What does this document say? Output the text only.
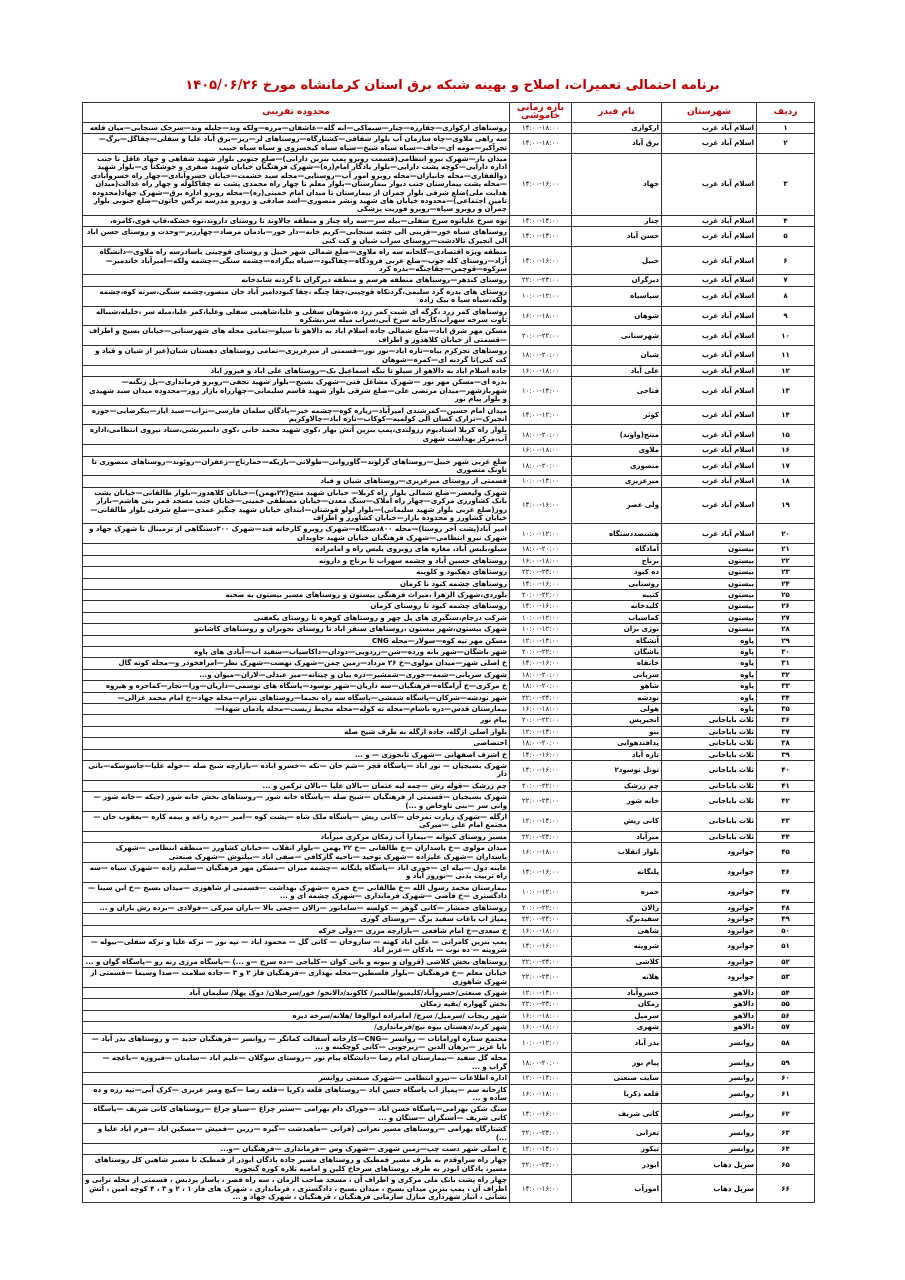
برنامه احتمالی تعمیرات، اصلاح و بهینه شبکه برق استان کرمانشاه مورخ ۱۴۰۵/۰۶/۲۶
ردیف	شهرستان	نام فیدر	بازه زمانی خاموشی	محدوده تقریبی
۱	اسلام آباد غرب	ارکوازی	۱۴:۰۰-۱۸:۰۰	روستاهای ارکوازی—چقارزه—چنار—سیماکی—انه گله—عاشقان—مرزه—ولکه وند—جلیله وند—سرخک سنجابی—میان قلعه
۲	اسلام آباد غرب	برق آباد	۱۴:۰۰-۱۸:۰۰	سه راهی ملاوی—چاه سازمان آب بلوار شقاقی—کشتارگاه—روستاهای لر—ریز—برق آباد علیا و سفلی—چقاگل—برگ—تجرآکبر—مومه ای—جاف—سیاه سیاه شیخ—سیاه سیاه کیخسروی و سیاه سیاه حبیب
۳	اسلام آباد غرب	جهاد	۱۴:۰۰-۱۶:۰۰	میدان بار—شهرک نیرو انتظامی(قسمت روبرو پمپ بنزین دارایی)—ضلع جنوبی بلوار شهید شفاهی و جهاد عاقل تا جنب اداره دارایی—کوچه پشت دارایی—بلوار یادگار امام(ره)—شهرک فرهنگیان خیابان شهید صفری و خوشکنا ی—بلوار شهید ذوالفقاری—محله جانبازان—محله روبرو امور آب—روستایی—محله سید حشمت—خیابان خسروآبادی—چهار راه خسروآبادی—محله پشت بیمارستان جنب دیوار بیمارستان—بلوار معلم تا چهار راه محمدی پشت ته چقاکلوله و چهار راه عدالت(میدان هدایت ملی)ضلع شرقی بلوار چمران از بیمارستان تا میدان امام خمینی(ره)—محله روبرو اداره برق—شهرک جهاد(محدوده تامین اجتماعی)—محدوده خیابان های شهید ونشر منصوری—اسد صادقی و روبرو مدرسه نرگس خاتون—ضلع جنوبی بلوار چمران و روبرو سپاه—روبرو فوریت پزشکی
۴	اسلام آباد غرب	چنار	۱۴:۰۰-۱۴:۰۰	توه سرخ علیاتوه سرخ سفلی—بیله سر—سه راه چنار و منطقه جالاوند تا روستای داروند،توه خشکه،قاپ قوی،کامره،
۵	اسلام آباد غرب	حسن آباد	۱۴:۰۰-۱۴:۰۰	روستاهای سیاه خور—قرینی الی چشه سنجابی—کریم خانه—دار خور—بادمان مرصاد—چهارزبر—وحدت و روستای حسن اباد الی انجیرک تالادشت—روستای سراب شیان و کت کنی
۶	اسلام آباد غرب	حبیل	۱۴:۰۰-۱۶:۰۰	منطقه ویژه اقتصادی—گلخانه سه راه ملاوی—ضلع شمالی شهر حبیل و روستای قوچینی باسادرسه راه ملاوی—دانشگاه آزاد—روستای کله جوب—ضلع غربی فرودگاه—چقاگیود—سیاه بیگزاده—چشمه سنگی—چشمه ولکه—امیرآباد خاندمیر—سرکوه—قوچمن—چقاچنگه—بدره کرد
۷	اسلام آباد غرب	دیزگران	۲۲:۰۰-۲۴:۰۰	روستای کندهر—روستاهای منطقه هرسم و منطقه دیزگران تا گردنه شابدخانه
۸	اسلام آباد غرب	سیاسیاه	۱۰:۰۰-۱۲:۰۰	روستای های بدره گرد سلیمی،گردنکاه قوچینی،چقا چنگه ،چقا کبوددامیر آباد خان منصور،چشمه سنگی،سرنه کوه،چشمه ولکه،سیاه سیا ه بیک زاده
۹	اسلام آباد غرب	شوهان	۱۶:۰۰-۱۸:۰۰	روستاهای کمر زرد ،گرگه ای شیت کمر زرد ه،شوهان سفلی و علیا،شاهینی سفلی وعلیا،کمر علیا،میله سر ،خلیله،شیباله تاوت سرخه سهراب،کارخانه سرخ آبی،سراب میله سر،بشکره
۱۰	اسلام آباد غرب	شهرستانی	۲۰:۰۰-۲۲:۰۰	مسکن مهر شرق اباد—ضلع شمالی جاده اسلام اباد به دالاهو تا سیلو—تمامی محله های شهرستانی—خیابان بسیج و اطراف—قسمتی از خیابان کلاهدوز و اطراف
۱۱	اسلام آباد غرب	شیان	۱۸:۰۰-۲۰:۰۰	روستاهای تجرکرم بیاه—تازه اباد—نور نور—قسمتی از میرعزیزی—تمامی روستاهای دهستان شیان(غیر از شیان و قیاد و کت کنی)تا گردنه ای—کمره—شوهان
۱۲	اسلام آباد غرب	علی آباد	۱۶:۰۰-۱۸:۰۰	جاده اسلام اباد به دالاهو از سیلو تا تنگه اسماعیل بک—روستاهای علی اباد و فیروز اباد
۱۳	اسلام آباد غرب	فتاحی	۱۰:۰۰-۱۴:۰۰	بدره ای—مسکن مهر نور —شهرک مشاغل قنی—شهرک بسیج—بلوار شهید نجفی—روبرو فرمانداری—پل زنگنه—شهربازشهر—میدان مرتضی علی—ضلع شرقی بلوار شهید قاسم سلیمانی—چهارراه بازار روز—محدوده میدان سید شهیدی و بلوار پیام نور
۱۴	اسلام آباد غرب	کوثر	۱۴:۰۰-۱۲:۰۰	میدان امام حسین—کمرشندی امیرآباد—زیاره کوه—چشمه خیر—پادگان سلمان فارسی—تراب—سید ایاز—بیکرضایی—جوزه انجیرک—تزارک کسان الی کولمبه—کوکاب—تازه اباد—چالاوکریم
۱۵	اسلام آباد غرب	متنج(واوند)	۱۸:۰۰-۲۰:۰۰	بلوار راه کربلا استادیوم ززولندی،پمپ بنزین آتش بهار ،کوی شهید محمد خانی ،کوی دانمیرنشی،ستاد نیروی انتظامی،اداره آب،مرکز بهداشت شهری
۱۶	اسلام آباد غرب	ملاوی	۱۶:۰۰-۱۸:۰۰	
۱۷	اسلام آباد غرب	منصوری	۱۸:۰۰-۲۰:۰۰	ضلع غربی شهر حبیل—روستاهای گرلوند—گاوروانی—طولانی—بازیکه—خمارتاج—زعفران—روئوند—روستاهای منصوری تا تاونک منصوری
۱۸	اسلام آباد غرب	میرعزیزی	۱۰:۰۰-۱۴:۰۰	قسمتی از روستای میرعزیزی—روستاهای شیان و قیاد
۱۹	اسلام آباد غرب	ولی عصر	۱۴:۰۰-۱۶:۰۰	شهرک ولیعصر—ضلع شمالی بلوار راه کربلا— خیابان شهید متنج(۲۲بهمن)—خیابان کلاهدوز—بلوار طالقانی—خیابان پشت بانک کشاورزی مرکزی—چهار راه املاک—سنگ معدن—خیابان مصطفی خمینی—خیابان جنب مسجد قمر بنی هاشم—بازار روز(ضلع غربی بلوار شهید سلیمانی)—بلوار لولو قوشتان—ابتدای خیابان شهید چنگیز عمدی—ضلع شرقی بلوار طالقانی—خیابان کشاورز و محدوده بازار—خیابان کشاورز و اطراف
۲۰	اسلام آباد غرب	هشتصددستگاه	۱۰:۰۰-۱۲:۰۰	امیر آباد(پشت آخر روستا)—محله ۸۰۰دستگاه—شهرک روبرو کارخانه قند—شهرک ۳۰۰دستگاهی از ترمینال تا شهرک جهاد و شهرک نیرو انتظامی—شهرک فرهنگیان خیابان شهید جاویدان
۲۱	بیستون	آمادگاه	۱۸:۰۰-۲۰:۰۰	سیلو،بلبس آباد، مغازه های روبروی پلیس راه و امامزاده
۲۲	بیستون	برناج	۱۶:۰۰-۱۸:۰۰	روستاهای حسین آباد و چشمه سهراب تا برناج و دارونه
۲۳	بیستون	ده کبود	۲۲:۰۰-۲۴:۰۰	روستاهای دهکبود و کلوینه
۲۴	بیستون	روستایی	۱۴:۰۰-۱۶:۰۰	روستاهای چشمه کبود تا کرمان
۲۵	بیستون	کتیبه	۲۰:۰۰-۲۲:۰۰	بلوردی،شهرک الزهرا ،میراث فرهنگی بیستون و روستاهای مسیر بیستون به صحنه
۲۶	بیستون	کلیدخانه	۱۴:۰۰-۱۶:۰۰	روستاهای چشمه کبود تا روستای کرمان
۲۷	بیستون	کماسیاب	۱۰:۰۰-۱۲:۰۰	شرکت درجام،سنگبری های پل چهر و روستاهای کوهره تا روستای یکعفنی
۲۸	بیستون	نوژی بران	۱۰:۰۰-۱۲:۰۰	شهرک بیستون،شهر بیستون ،روستاهای سنقر اباد تا روستای نجوبران و روستاهای کاشانتو
۲۹	پاوه	آتشگاه	۱۲:۰۰-۱۴:۰۰	مسکن مهر تپه کوه—سولار—محله CNG
۳۰	پاوه	باشگان	۲۰:۰۰-۲۲:۰۰	شهر باشگان—شهر بانه ورده—شن—زردویی—دودان—داکاسیاب—سفید اب—آبادی های پاوه
۳۱	پاوه	خانقاه	۱۴:۰۰-۱۶:۰۰	خ اصلی شهر—میدان مولوی—خ ۲۶ مرداد—زمین چمن—شهرک نهضت—شهرک نظر—امرافخودر و—محله کوته گال
۳۲	پاوه	سرپانی	۱۸:۰۰-۲۰:۰۰	شهرک سرپانی—شمه—جوری—شمشیر—دره بیان و چیتانه—میر عبدلی—لاران—میوان و...
۳۳	پاوه	شاهو	۱۸:۰۰-۲۰:۰۰	خ مرکزی—خ آرامگاه—فرهنگیان—سه داریان—شهر نوسود—پاسگاه های نوسمی—داریان—ورا—نجار—کماجره و هیروه
۳۴	پاوه	نودشه	۲۲:۰۰-۲۴:۰۰	شهر نودشه—شرکان—پاسگاه شمشی—پاسگاه سه راه نجیما—روستاهای تترام—محله جهاد—خ امام محمد غزالی—
۳۵	پاوه	هولی	۱۶:۰۰-۱۸:۰۰	بیمارستان قدس—دره باسام—محله ته کوله—محله محیط زیست—محله پادمان شهدا—
۳۶	ثلاث باباجانی	انجیرپس	۲۰:۰۰-۲۲:۰۰	پیام نور
۳۷	ثلاث باباجانی	بنو	۱۲:۰۰-۱۴:۰۰	بلوار اصلی ازگله، جاده ازگله به طرف شیخ صله
۳۸	ثلاث باباجانی	پدافندهوایی	۱۸:۰۰-۲۰:۰۰	اختصاصی
۳۹	ثلاث باباجانی	تازه آباد	۱۴:۰۰-۱۶:۰۰	خ اشرف اصفهانی —شهرک تابجوزی — و ...
۴۰	ثلاث باباجانی	تونل نوسود۲	۱۴:۰۰-۱۶:۰۰	شهرک بسیجیان — نور اباد —پاسگاه قجر —شم خان —تکه —خسرو اباده —بازارچه شیخ صله —خوله علیا—جاسوسکه—بانی دار
۴۱	ثلاث باباجانی	چم زرشک	۲۰:۰۰-۲۲:۰۰	چم زرشک —قوله رش —چمه لیه عثمان —بالان علیا —بالان ترکمن و ...
۴۲	ثلاث باباجانی	خانه شور	۲۲:۰۰-۲۴:۰۰	شهرک بسیجیان —قسمتی از فرهنگیان —شیخ صله —پاسگاه خانه شور —روستاهای بخش خانه شور (جبکه —خانه شور —وانی سر —بنی ناوخاص و ...)
۴۳	ثلاث باباجانی	کانی ریش	۱۲:۰۰-۱۴:۰۰	ازگله —شهرک زیارت تمرخان —کانی ریش —پاسگاه ملک شاه —پشت کوه —امیر —دره زاغه و نیمه کاره —یعقوب خان —مجتمع امام علی —میرکی
۴۴	ثلاث باباجانی	میرآباد	۲۲:۰۰-۲۴:۰۰	مسیر روستای کیوانه —بیمارا آب زمکان مرکزی میرآباد
۴۵	جوانرود	بلوار انقلاب	۱۶:۰۰-۱۸:۰۰	میدان مولوی —خ پاسداران —خ طالقانی —خ ۲۲ بهمن —بلوار انقلاب —خیابان کشاورز —منطقه انتظامی —شهرک پاسداران —شهرک علیزاده —شهرک توحید —ناحیه گازکافی —صفی اباد —بیلتوش —شهرک صنعتی
۴۶	جوانرود	پلنگانه	۱۴:۰۰-۱۶:۰۰	عابنه دول —بیله ای —حوری اباد —پاسگاه پلنگانه —چشمه میران —مسکن مهر فرهنگیان —سلیم زاده —شهرک سیاه —سه راه تربیت بدنی —نوروز اباد و
۴۷	جوانرود	حمزه	۱۰:۰۰-۱۲:۰۰	بیمارستان محمد رسول الله —خ طالقانی —خ حمزه —شهرک بهداشت —قسمتی از شاهوزی —میدان بسیج —خ ابن سینا —دادگستری —خ قاضی —شهرک فرمانداری —شهرک چشمه ای و ...
۴۸	جوانرود	زالان	۲۰:۰۰-۲۲:۰۰	روستاهای جمشاز —کانی گوهر — کولسه —سامانور —زالان —چمی بالا —باران میرکی —فولادی —برده رش باران و ...
۴۹	جوانرود	سفیدبرگ	۲۲:۰۰-۲۴:۰۰	پمپاژ اب باغات سفید برگ —روستای گوری
۵۰	جوانرود	شاهی	۱۶:۰۰-۱۸:۰۰	خ سعدی—خ امام شافعی —بازارچه مرزی —دولی خرکه
۵۱	جوانرود	شروینه	۱۴:۰۰-۱۶:۰۰	پمپ بنزین کامرانی — علی اباد کهنه — ساروخان — کانی گل — محمود اباد — تپه نور — ترکه علیا و ترکه سفلی—بیوله — شروینه — ده نوت — بادکان —عزیز اباد
۵۲	جوانرود	کلاشی	۲۲:۰۰-۲۴:۰۰	روستاهای بخش کلاشی (قزوان و بیونه و بانی کوان —کلیاجی —ده سرخ —و ...) —پاسگاه مرزی رنه رو —پاسگاه گوان و ...
۵۳	جوانرود	هلانه	۲۲:۰۰-۲۴:۰۰	خیابان معلم —خ فرهنگیان —بلوار فلسطین—محله بهداری —فرهنگیان فاز ۲ و ۳ —جاده سلامت —صدا وسیما —قسمتی از شهرک شاهوزی
۵۴	دالاهو	خسروآباد	۱۲:۰۰-۱۴:۰۰	شهرک صنعتی/خسروآباد/کلیمبو/طالمیر/ کاکوند/دالانخو/ خور/سرخیلان/ دوک پهلا/ سلیمان آباد
۵۵	دالاهو	زمکان	۲۲:۰۰-۲۴:۰۰	بخش گهواره /بقیه زمکان
۵۶	دالاهو	سرمیل	۱۶:۰۰-۱۸:۰۰	شهر ریجاب /سرمیل/ سرخ/ امامزاده ابوالوفا /هلانه/سرخه دیزه
۵۷	دالاهو	شهری	۱۶:۰۰-۱۸:۰۰	شهر کرند/دهستان بیوه نیچ/فرمانداری/
۵۸	روانسر	بدر آباد	۱۰:۰۰-۱۲:۰۰	مجتمع ستاره اورامانات — روانسر —CNG—کارخانه آسفالت کمانگر — روانسر —فرهنگیان جدید — و روستاهای بدر آباد —بابا عزیز —برهان الدین —زیرجوبی —کانی کوچکینه و ...
۵۹	روانسر	پیام نور	۱۸:۰۰-۲۰:۰۰	محله گل سفید —بیمارستان امام رضا —دانشگاه پیام نور —روستای سوگلان —علیم اباد —سامنان —فیروزه —باغچه —گراب و ...
۶۰	روانسر	سایت صنعتی	۱۲:۰۰-۱۴:۰۰	اداره اطلاعات —نیرو انتظامی —شهرک صنعتی روانسر
۶۱	روانسر	قلعه ذکریا	۱۶:۰۰-۱۸:۰۰	کارخانه سم —پمپاژ اب پاسگاه حسن اباد —روستاهای قلعه ذکریا —قلعه رضا —کیچ ومیر عزیزی —کرک آبی—تپه رزه و ده ساده و ...
۶۲	روانسر	کانی شریف	۱۴:۰۰-۱۶:۰۰	سنگ شکن بهرامی—پاسگاه حسن اباد —خوراک دام بهرامی —ستیر چراغ —سیاو چراغ —روستاهای کانی شریف —پاسگاه کانی شریف —آسنگران —سنگان و ...
۶۳	روانسر	تعزانی	۲۲:۰۰-۲۴:۰۰	کشتارگاه بهرامی —روستاهای مسیر تعرانی (قرانی —ماهیدشت —گیره —زرین —قمیش —مسکین اباد —فرم اباد علیا و ...)
۶۴	روانسر	تیکوز	۱۲:۰۰-۱۴:۰۰	خ اصلی شهر دست چپ—زمین شهری —شهرک وس —فرمانداری —فرهنگیان —و...
۶۵	سرپل ذهاب	ابوذر	۲۲:۰۰-۲۴:۰۰	چهار راه سراوقدم به طرف مسیر قمطیک و روستاهای مسیر جاده پادگان ابوذر از قمطیک تا مسیر شاهین کل روستاهای مسیر، پادگان ابوذر به طرف روستاهای سرخاخ کلین و امامیه تلاره کوره گنجوره
۶۶	سرپل ذهاب	امورآب	۱۴:۰۰-۱۶:۰۰	چهار راه پشت بانک ملی مرکزی و اطراف آن ، مسجد صاحب الزمان ، سه راه قصر ، پاساز پردیس ، قسمتی از محله ترابی و اطراف آن ، پمپ بنزین میدان بسیج ، میدان بسیج ، دادگستری ، فرمانداری ، شهرک های فاز ۱ ، ۲ و ۳ ، ۴ کوچه امین ، آتش نشانی ، انبار شهرداری منازل سازمانی فرهنگیان ، فرهنگیان ، شهرک جهاد و ...
